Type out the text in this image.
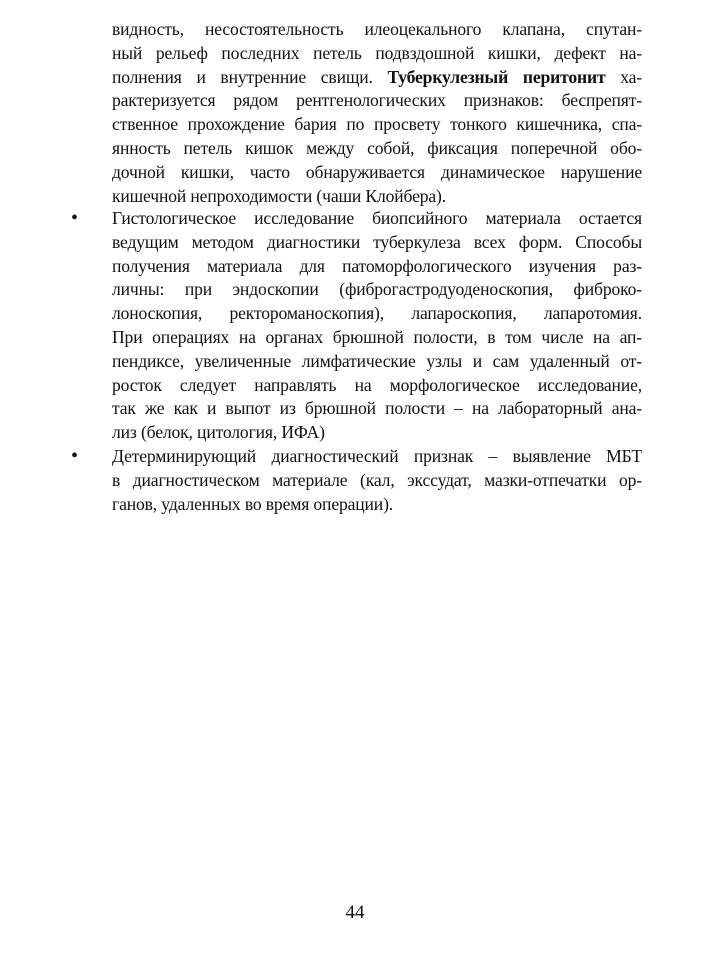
видность, несостоятельность илеоцекального клапана, спутан-
ный рельеф последних петель подвздошной кишки, дефект на-
полнения и внутренние свищи. Туберкулезный перитонит ха-
рактеризуется рядом рентгенологических признаков: беспрепят-
ственное прохождение бария по просвету тонкого кишечника, спа-
янность петель кишок между собой, фиксация поперечной обо-
дочной кишки, часто обнаруживается динамическое нарушение
кишечной непроходимости (чаши Клойбера).
• Гистологическое исследование биопсийного материала остается
ведущим методом диагностики туберкулеза всех форм. Способы
получения материала для патоморфологического изучения раз-
личны: при эндоскопии (фиброгастродуоденоскопия, фиброко-
лоноскопия, ректороманоскопия), лапароскопия, лапаротомия.
При операциях на органах брюшной полости, в том числе на ап-
пендиксе, увеличенные лимфатические узлы и сам удаленный от-
росток следует направлять на морфологическое исследование,
так же как и выпот из брюшной полости – на лабораторный ана-
лиз (белок, цитология, ИФА)
• Детерминирующий диагностический признак – выявление МБТ
в диагностическом материале (кал, экссудат, мазки-отпечатки ор-
ганов, удаленных во время операции).
44
